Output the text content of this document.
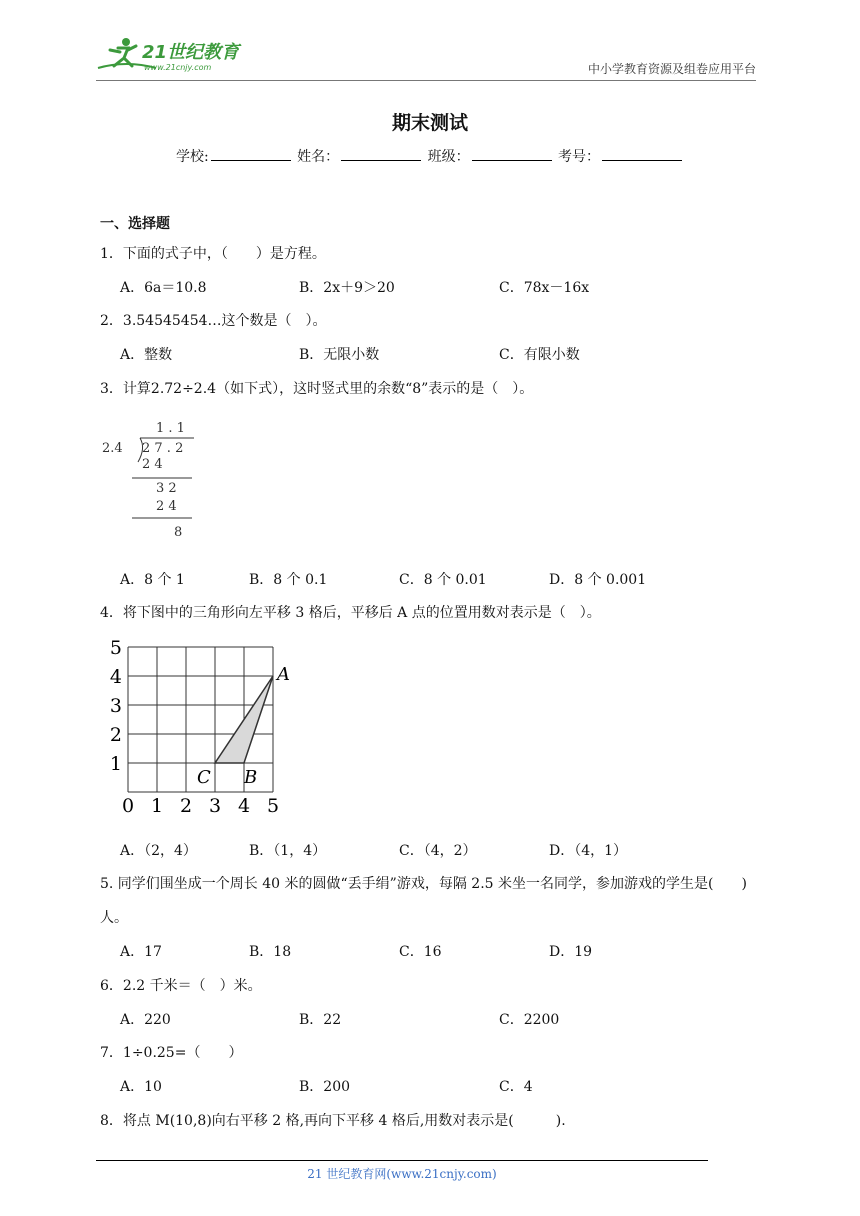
21世纪教育
www.21cnjy.com	中小学教育资源及组卷应用平台
期末测试
学校:	姓名：	班级：	考号：
一、选择题
1．下面的式子中，（　　）是方程。
A．6a＝10.8	B．2x＋9＞20	C．78x－16x
2．3.54545454…这个数是（　）。
A．整数	B．无限小数	C．有限小数
3．计算2.72÷2.4（如下式），这时竖式里的余数“8”表示的是（　）。
1 . 1
2.4 2 7 . 2
2 4
3 2
2 4
8
A．8 个 1	B．8 个 0.1	C．8 个 0.01	D．8 个 0.001
4．将下图中的三角形向左平移 3 格后，平移后 A 点的位置用数对表示是（　）。
0 1 2 3 4 5
1
2
3
4
5
A
B
C
A．（2，4）	B．（1，4）	C．（4，2）	D．（4，1）
5. 同学们围坐成一个周长 40 米的圆做“丢手绢”游戏，每隔 2.5 米坐一名同学，参加游戏的学生是(　　)
人。
A．17	B．18	C．16	D．19
6．2.2 千米＝（　）米。
A．220	B．22	C．2200
7．1÷0.25=（　　）
A．10	B．200	C．4
8．将点 M(10,8)向右平移 2 格,再向下平移 4 格后,用数对表示是(　　　).
21 世纪教育网(www.21cnjy.com)
